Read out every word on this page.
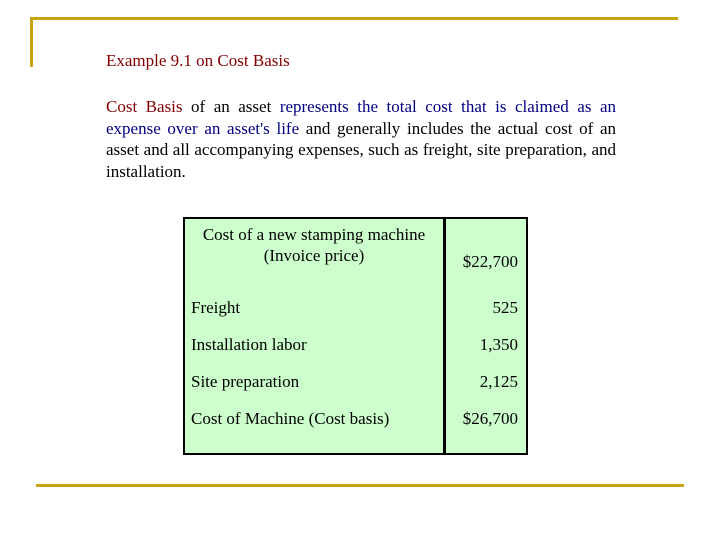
Example 9.1 on Cost Basis
Cost Basis of an asset represents the total cost that is claimed as an expense over an asset's life and generally includes the actual cost of an asset and all accompanying expenses, such as freight, site preparation, and installation.
Cost of a new stamping machine
(Invoice price)	$22,700
Freight	525
Installation labor	1,350
Site preparation	2,125
Cost of Machine (Cost basis)	$26,700
